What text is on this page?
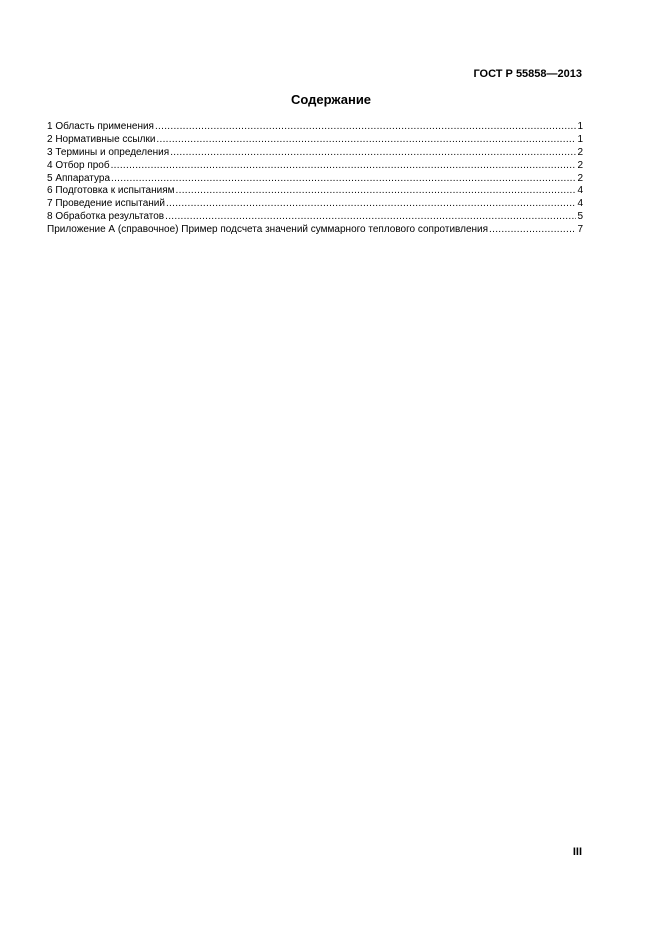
ГОСТ Р 55858—2013
Содержание
1 Область применения .....	1
2 Нормативные ссылки .....	1
3 Термины и определения .....	2
4 Отбор проб .....	2
5 Аппаратура .....	2
6 Подготовка к испытаниям .....	4
7 Проведение испытаний .....	4
8 Обработка результатов .....	5
Приложение А (справочное) Пример подсчета значений суммарного теплового сопротивления .....	7
III
